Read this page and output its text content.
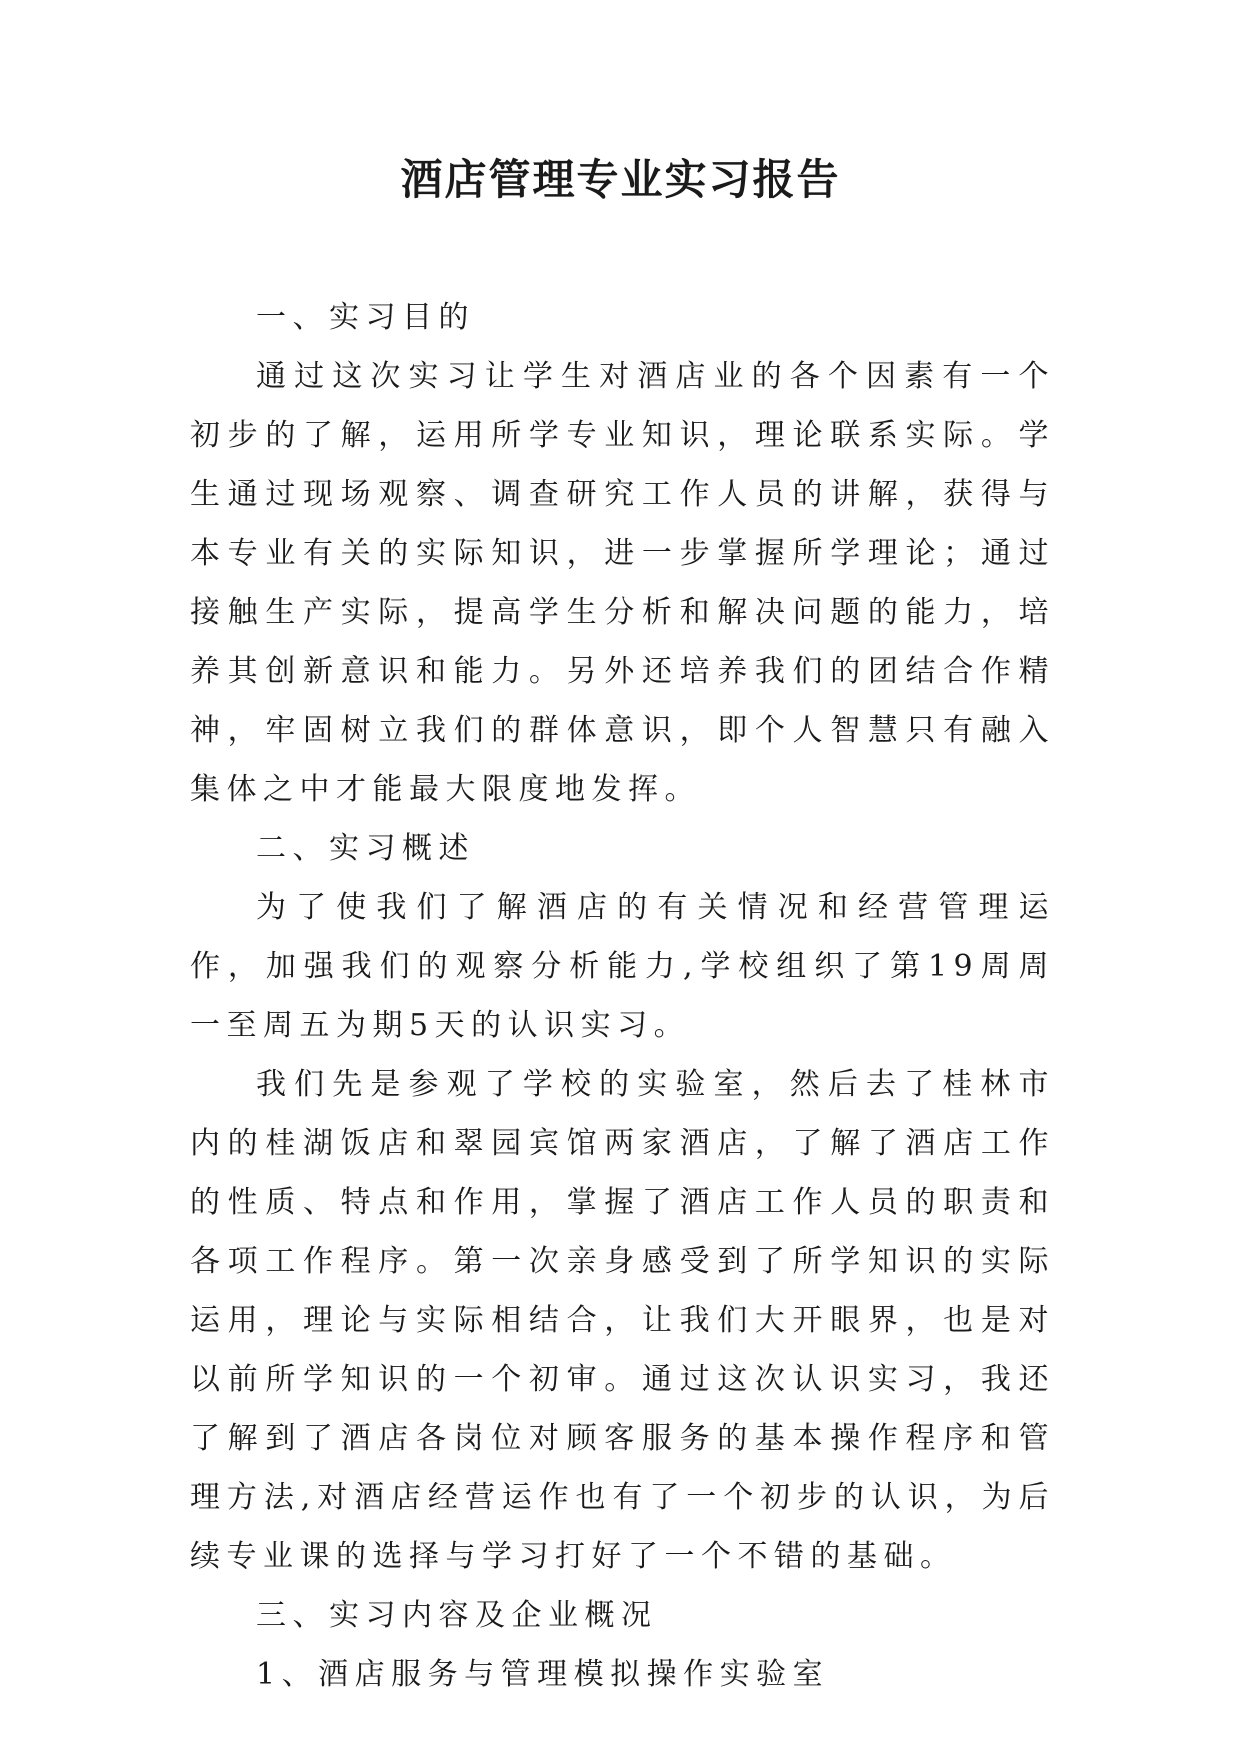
酒店管理专业实习报告

一、实习目的

通过这次实习让学生对酒店业的各个因素有一个初步的了解，运用所学专业知识，理论联系实际。学生通过现场观察、调查研究工作人员的讲解，获得与本专业有关的实际知识，进一步掌握所学理论；通过接触生产实际，提高学生分析和解决问题的能力，培养其创新意识和能力。另外还培养我们的团结合作精神，牢固树立我们的群体意识，即个人智慧只有融入集体之中才能最大限度地发挥。

二、实习概述

为了使我们了解酒店的有关情况和经营管理运作，加强我们的观察分析能力,学校组织了第19周周一至周五为期5天的认识实习。

我们先是参观了学校的实验室，然后去了桂林市内的桂湖饭店和翠园宾馆两家酒店，了解了酒店工作的性质、特点和作用，掌握了酒店工作人员的职责和各项工作程序。第一次亲身感受到了所学知识的实际运用，理论与实际相结合，让我们大开眼界，也是对以前所学知识的一个初审。通过这次认识实习，我还了解到了酒店各岗位对顾客服务的基本操作程序和管理方法,对酒店经营运作也有了一个初步的认识，为后续专业课的选择与学习打好了一个不错的基础。

三、实习内容及企业概况

1、酒店服务与管理模拟操作实验室
